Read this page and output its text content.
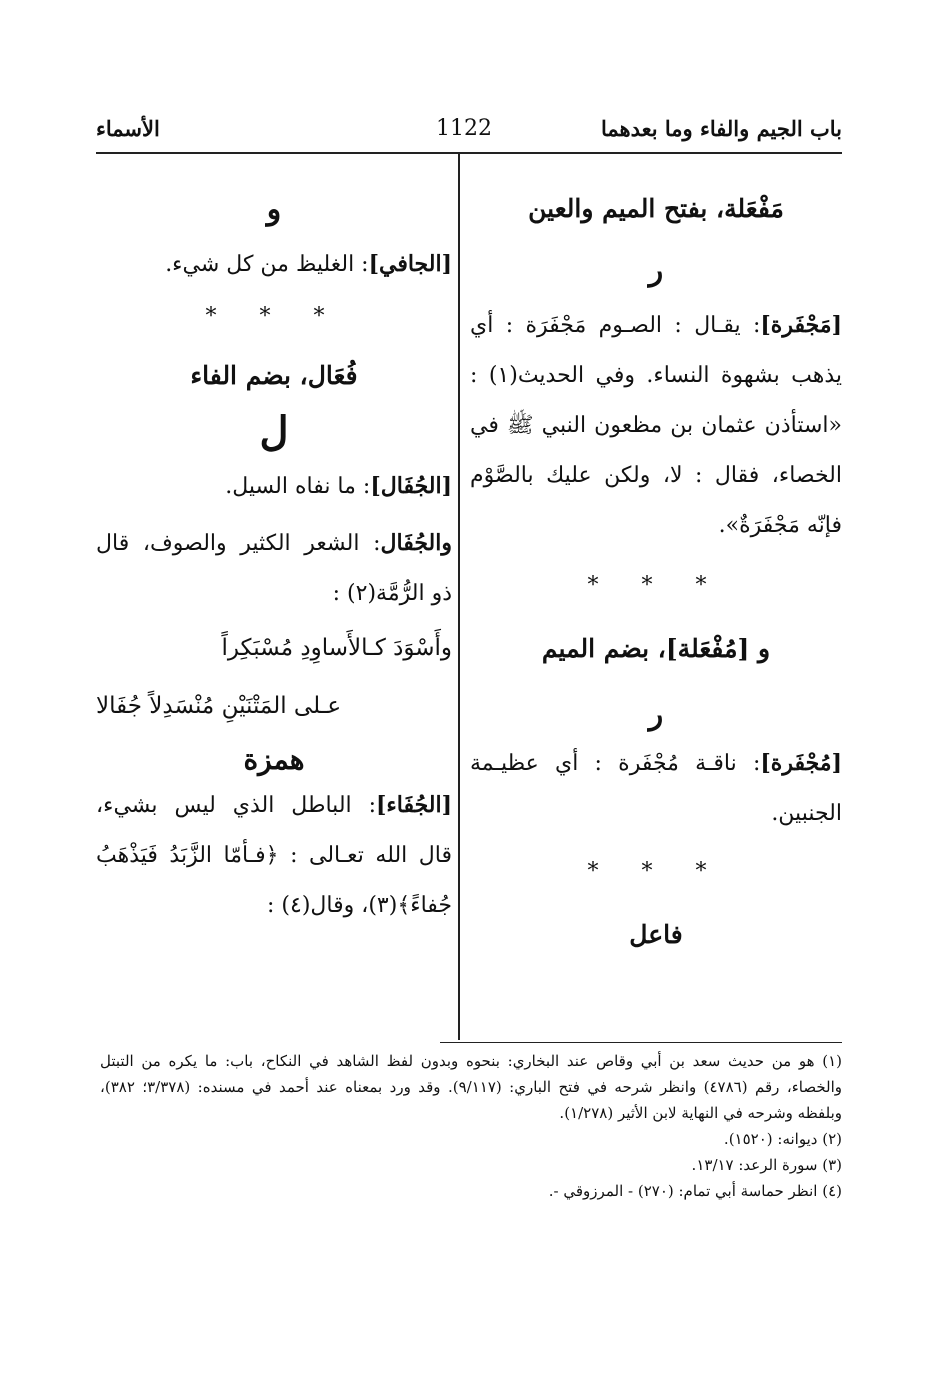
باب الجيم والفاء وما بعدهما
1122
الأسماء
مَفْعَلة، بفتح الميم والعين
ر
[مَجْفَرة]: يقـال : الصـوم مَجْفَرَة : أي يذهب بشهوة النساء. وفي الحديث(١) : «استأذن عثمان بن مظعون النبي ﷺ في الخصاء، فقال : لا، ولكن عليك بالصَّوْم فإنّه مَجْفَرَةٌ».
* * *
و [مُفْعَلة]، بضم الميم
ر
[مُجْفَرة]: ناقـة مُجْفَرة : أي عظيـمة الجنبين.
* * *
فاعل
و
[الجافي]: الغليظ من كل شيء.
* * *
فُعَال، بضم الفاء
ل
[الجُفَال]: ما نفاه السيل.
والجُفَال: الشعر الكثير والصوف، قال ذو الرُّمَّة(٢) :
وأَسْوَدَ كـالأَساوِدِ مُسْبَكِراً
عـلى المَتْنَيْنِ مُنْسَدِلاً جُفَالا
همزة
[الجُفَاء]: الباطل الذي ليس بشيء، قال الله تعـالى : ﴿فـأمّا الزَّبَدُ فَيَذْهَبُ جُفاءً﴾(٣)، وقال(٤) :

(١) هو من حديث سعد بن أبي وقاص عند البخاري: بنحوه وبدون لفظ الشاهد في النكاح، باب: ما يكره من التبتل والخصاء، رقم (٤٧٨٦) وانظر شرحه في فتح الباري: (٩/١١٧). وقد ورد بمعناه عند أحمد في مسنده: (٣/٣٧٨؛ ٣٨٢)، وبلفظه وشرحه في النهاية لابن الأثير (١/٢٧٨).

(٢) ديوانه: (١٥٢٠).

(٣) سورة الرعد: ١٣/١٧.

(٤) انظر حماسة أبي تمام: (٢٧٠) - المرزوقي -.
